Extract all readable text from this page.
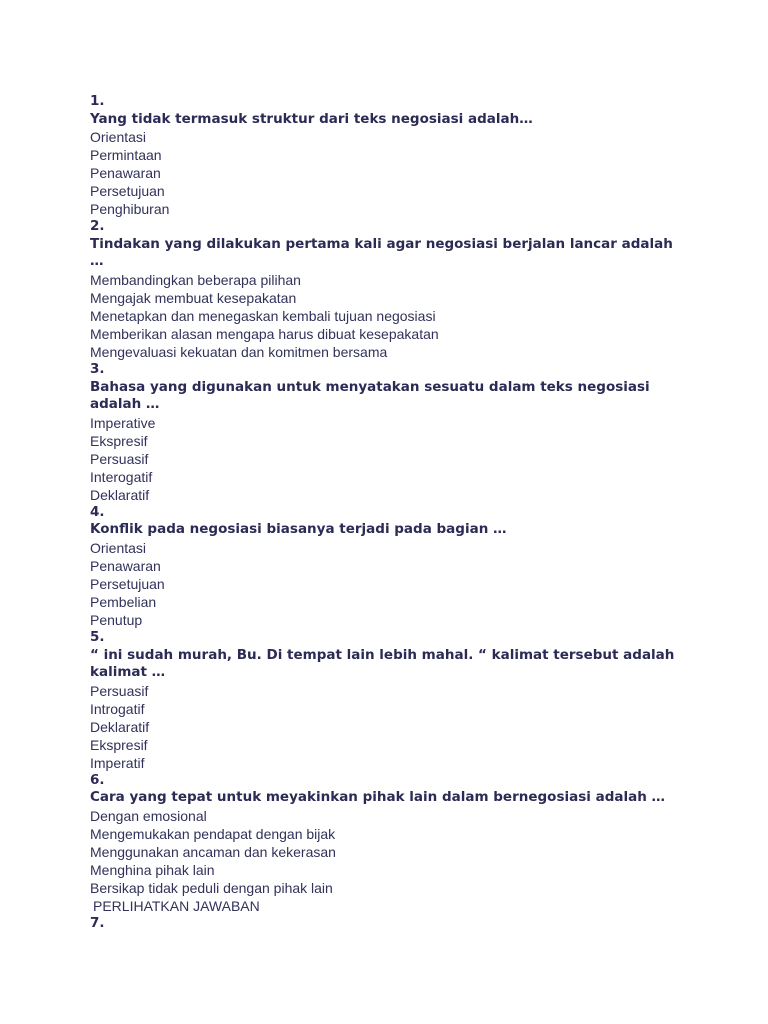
1.

Yang tidak termasuk struktur dari teks negosiasi adalah…

Orientasi

Permintaan

Penawaran

Persetujuan

Penghiburan

2.

Tindakan yang dilakukan pertama kali agar negosiasi berjalan lancar adalah …

Membandingkan beberapa pilihan

Mengajak membuat kesepakatan

Menetapkan dan menegaskan kembali tujuan negosiasi

Memberikan alasan mengapa harus dibuat kesepakatan

Mengevaluasi kekuatan dan komitmen bersama

3.

Bahasa yang digunakan untuk menyatakan sesuatu dalam teks negosiasi adalah …

Imperative

Ekspresif

Persuasif

Interogatif

Deklaratif

4.

Konflik pada negosiasi biasanya terjadi pada bagian …

Orientasi

Penawaran

Persetujuan

Pembelian

Penutup

5.

“ ini sudah murah, Bu. Di tempat lain lebih mahal. “ kalimat tersebut adalah kalimat …

Persuasif

Introgatif

Deklaratif

Ekspresif

Imperatif

6.

Cara yang tepat untuk meyakinkan pihak lain dalam bernegosiasi adalah …

Dengan emosional

Mengemukakan pendapat dengan bijak

Menggunakan ancaman dan kekerasan

Menghina pihak lain

Bersikap tidak peduli dengan pihak lain

PERLIHATKAN JAWABAN

7.
